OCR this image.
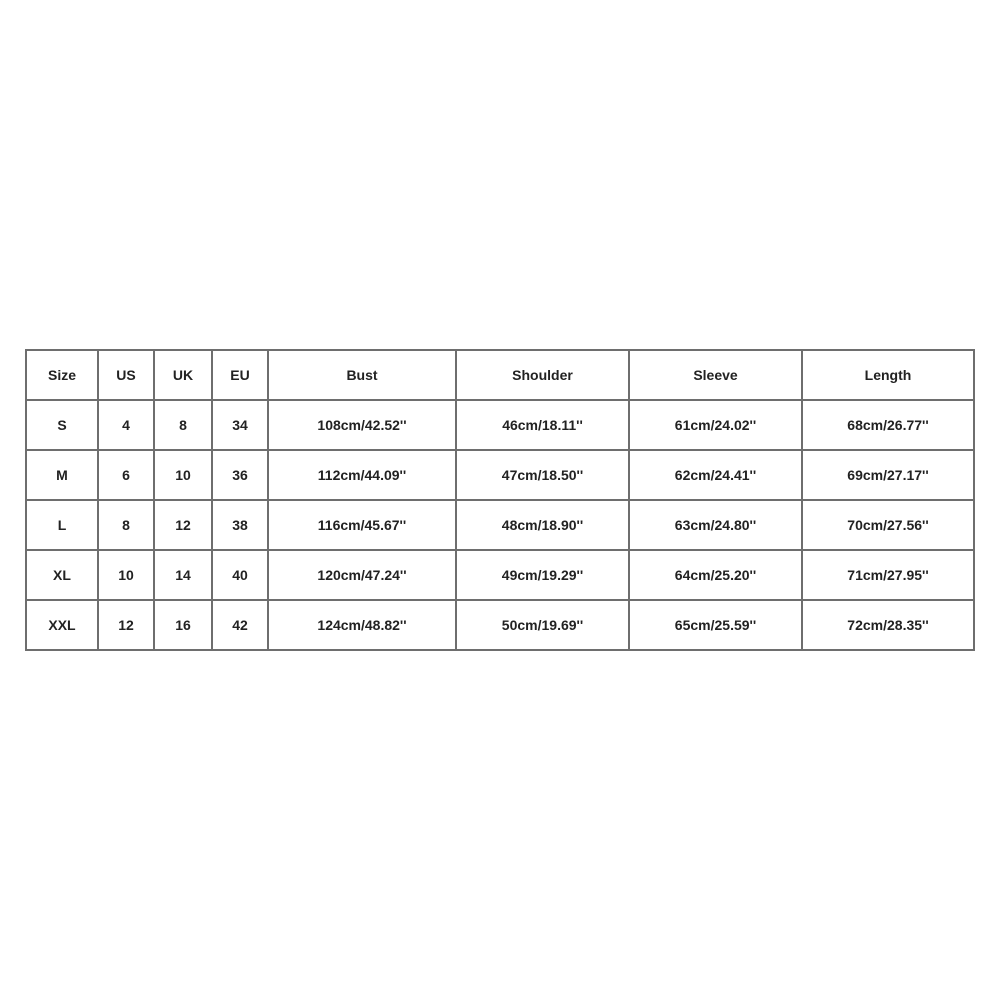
Size	US	UK	EU	Bust	Shoulder	Sleeve	Length
S	4	8	34	108cm/42.52''	46cm/18.11''	61cm/24.02''	68cm/26.77''
M	6	10	36	112cm/44.09''	47cm/18.50''	62cm/24.41''	69cm/27.17''
L	8	12	38	116cm/45.67''	48cm/18.90''	63cm/24.80''	70cm/27.56''
XL	10	14	40	120cm/47.24''	49cm/19.29''	64cm/25.20''	71cm/27.95''
XXL	12	16	42	124cm/48.82''	50cm/19.69''	65cm/25.59''	72cm/28.35''
